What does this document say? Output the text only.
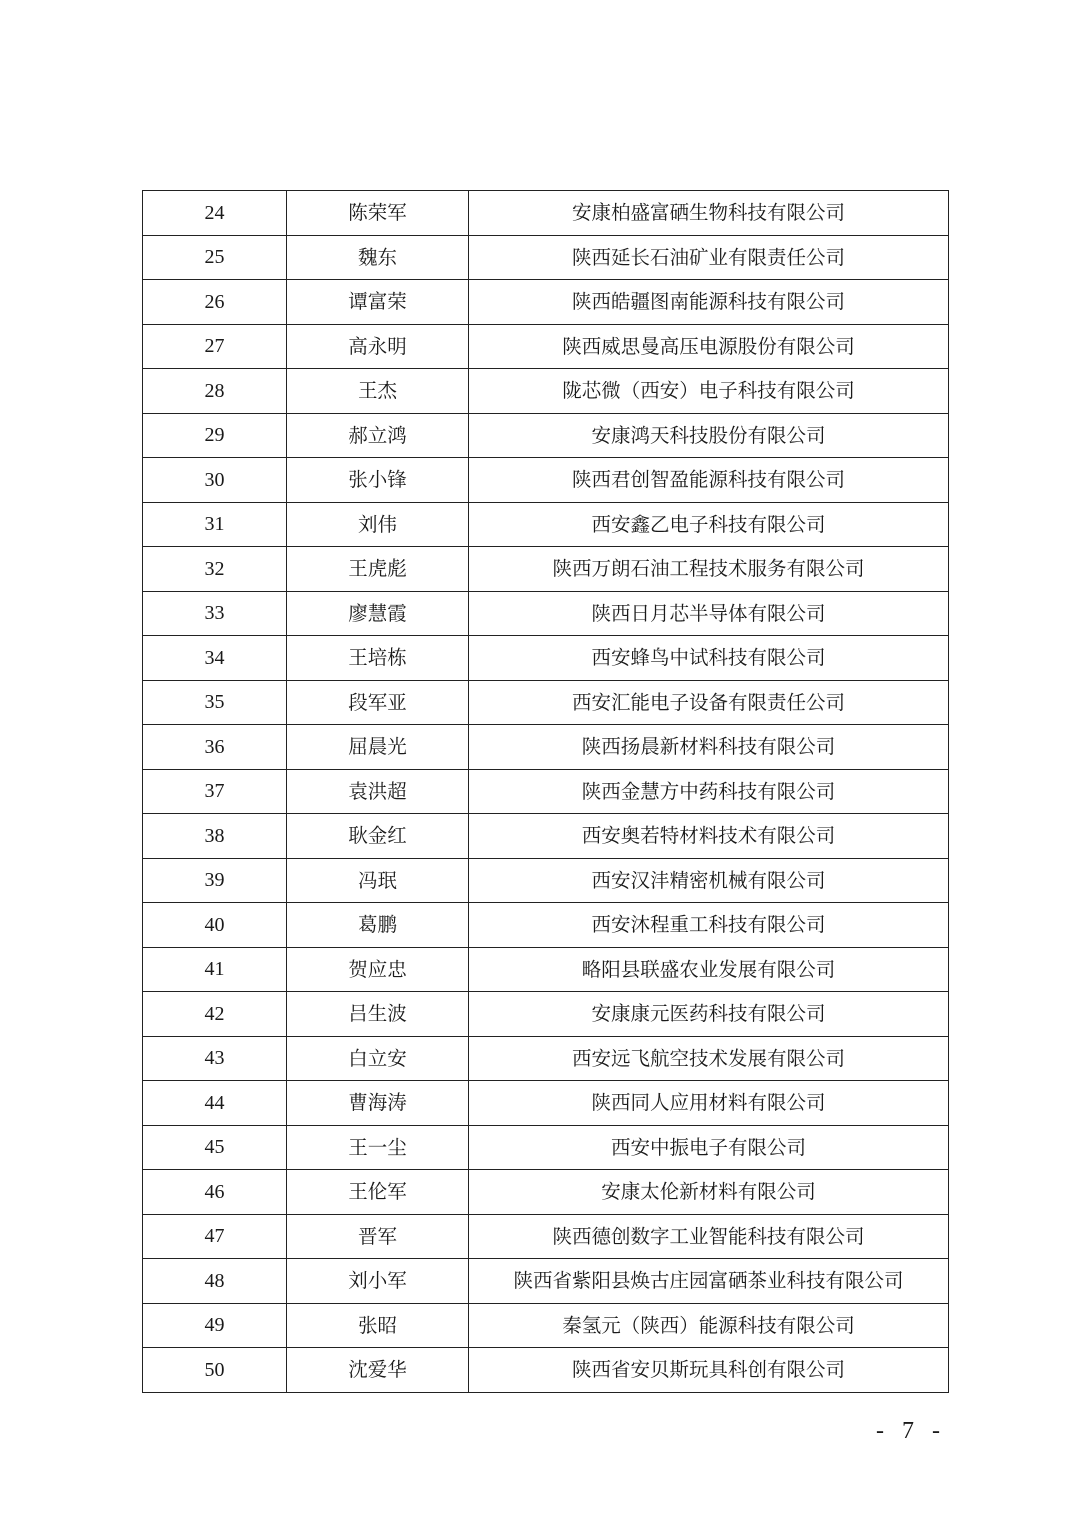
24	陈荣军	安康柏盛富硒生物科技有限公司
25	魏东	陕西延长石油矿业有限责任公司
26	谭富荣	陕西皓疆图南能源科技有限公司
27	高永明	陕西威思曼高压电源股份有限公司
28	王杰	陇芯微（西安）电子科技有限公司
29	郝立鸿	安康鸿天科技股份有限公司
30	张小锋	陕西君创智盈能源科技有限公司
31	刘伟	西安鑫乙电子科技有限公司
32	王虎彪	陕西万朗石油工程技术服务有限公司
33	廖慧霞	陕西日月芯半导体有限公司
34	王培栋	西安蜂鸟中试科技有限公司
35	段军亚	西安汇能电子设备有限责任公司
36	屈晨光	陕西扬晨新材料科技有限公司
37	袁洪超	陕西金慧方中药科技有限公司
38	耿金红	西安奥若特材料技术有限公司
39	冯珉	西安汉沣精密机械有限公司
40	葛鹏	西安沐程重工科技有限公司
41	贺应忠	略阳县联盛农业发展有限公司
42	吕生波	安康康元医药科技有限公司
43	白立安	西安远飞航空技术发展有限公司
44	曹海涛	陕西同人应用材料有限公司
45	王一尘	西安中振电子有限公司
46	王伦军	安康太伦新材料有限公司
47	晋军	陕西德创数字工业智能科技有限公司
48	刘小军	陕西省紫阳县焕古庄园富硒茶业科技有限公司
49	张昭	秦氢元（陕西）能源科技有限公司
50	沈爱华	陕西省安贝斯玩具科创有限公司
- 7 -
